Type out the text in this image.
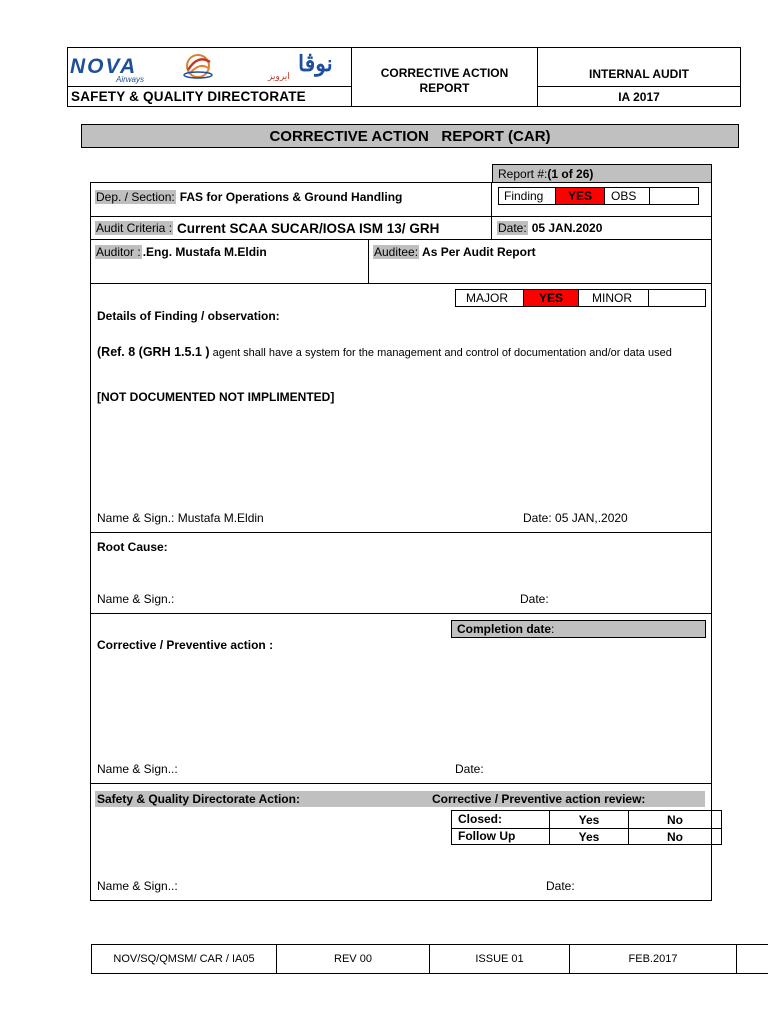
NOVA
Airways
نوڤا
ايرويز
SAFETY & QUALITY DIRECTORATE
CORRECTIVE ACTION
REPORT
INTERNAL AUDIT
IA 2017
CORRECTIVE ACTION   REPORT (CAR)
Report #: (1 of 26)
Dep. / Section: FAS for Operations & Ground Handling	Finding	YES	OBS
Audit Criteria : Current SCAA SUCAR/IOSA ISM 13/ GRH	Date: 05 JAN.2020
Auditor : .Eng. Mustafa M.Eldin	Auditee: As Per Audit Report
MAJOR	YES	MINOR
Details of Finding / observation:
(Ref. 8 (GRH 1.5.1 ) agent shall have a system for the management and control of documentation and/or data used
[NOT DOCUMENTED NOT IMPLIMENTED]
Name & Sign.: Mustafa M.Eldin	Date: 05 JAN,.2020
Root Cause:
Name & Sign.:	Date:
Completion date :
Corrective / Preventive action :
Name & Sign..:	Date:
Safety & Quality Directorate Action:	Corrective / Preventive action review:
Closed:	Yes	No
Follow Up	Yes	No
Name & Sign..:	Date:
NOV/SQ/QMSM/ CAR / IA05	REV 00	ISSUE 01	FEB.2017
